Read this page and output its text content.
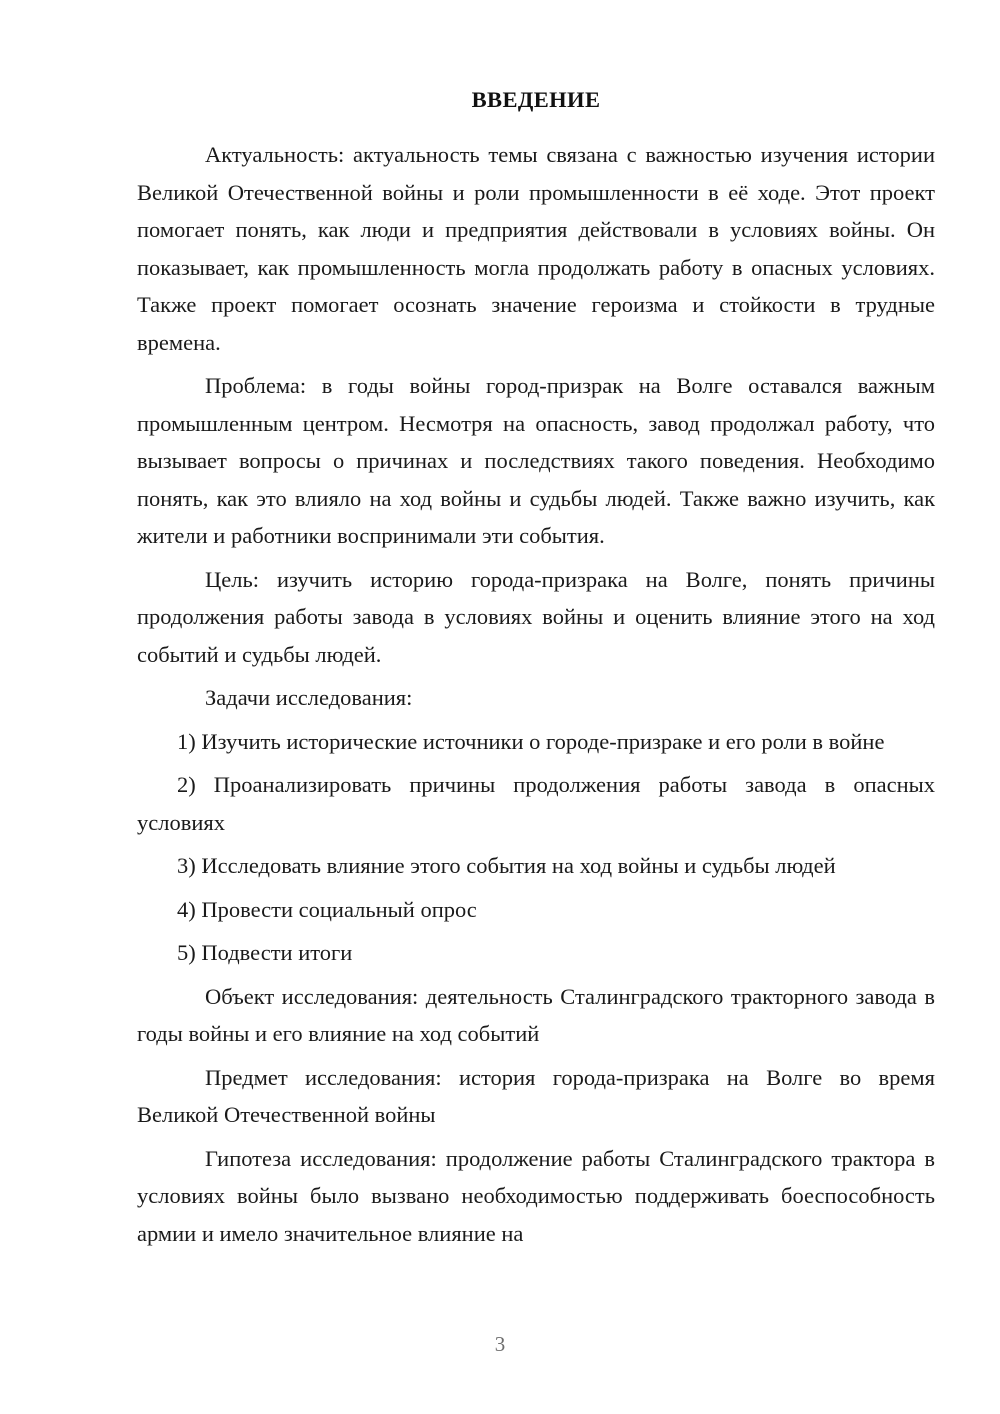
ВВЕДЕНИЕ

Актуальность: актуальность темы связана с важностью изучения истории Великой Отечественной войны и роли промышленности в её ходе. Этот проект помогает понять, как люди и предприятия действовали в условиях войны. Он показывает, как промышленность могла продолжать работу в опасных условиях. Также проект помогает осознать значение героизма и стойкости в трудные времена.

Проблема: в годы войны город-призрак на Волге оставался важным промышленным центром. Несмотря на опасность, завод продолжал работу, что вызывает вопросы о причинах и последствиях такого поведения. Необходимо понять, как это влияло на ход войны и судьбы людей. Также важно изучить, как жители и работники воспринимали эти события.

Цель: изучить историю города-призрака на Волге, понять причины продолжения работы завода в условиях войны и оценить влияние этого на ход событий и судьбы людей.

Задачи исследования:

1) Изучить исторические источники о городе-призраке и его роли в войне

2) Проанализировать причины продолжения работы завода в опасных условиях

3) Исследовать влияние этого события на ход войны и судьбы людей

4) Провести социальный опрос

5) Подвести итоги

Объект исследования: деятельность Сталинградского тракторного завода в годы войны и его влияние на ход событий

Предмет исследования: история города-призрака на Волге во время Великой Отечественной войны

Гипотеза исследования: продолжение работы Сталинградского трактора в условиях войны было вызвано необходимостью поддерживать боеспособность армии и имело значительное влияние на

3
